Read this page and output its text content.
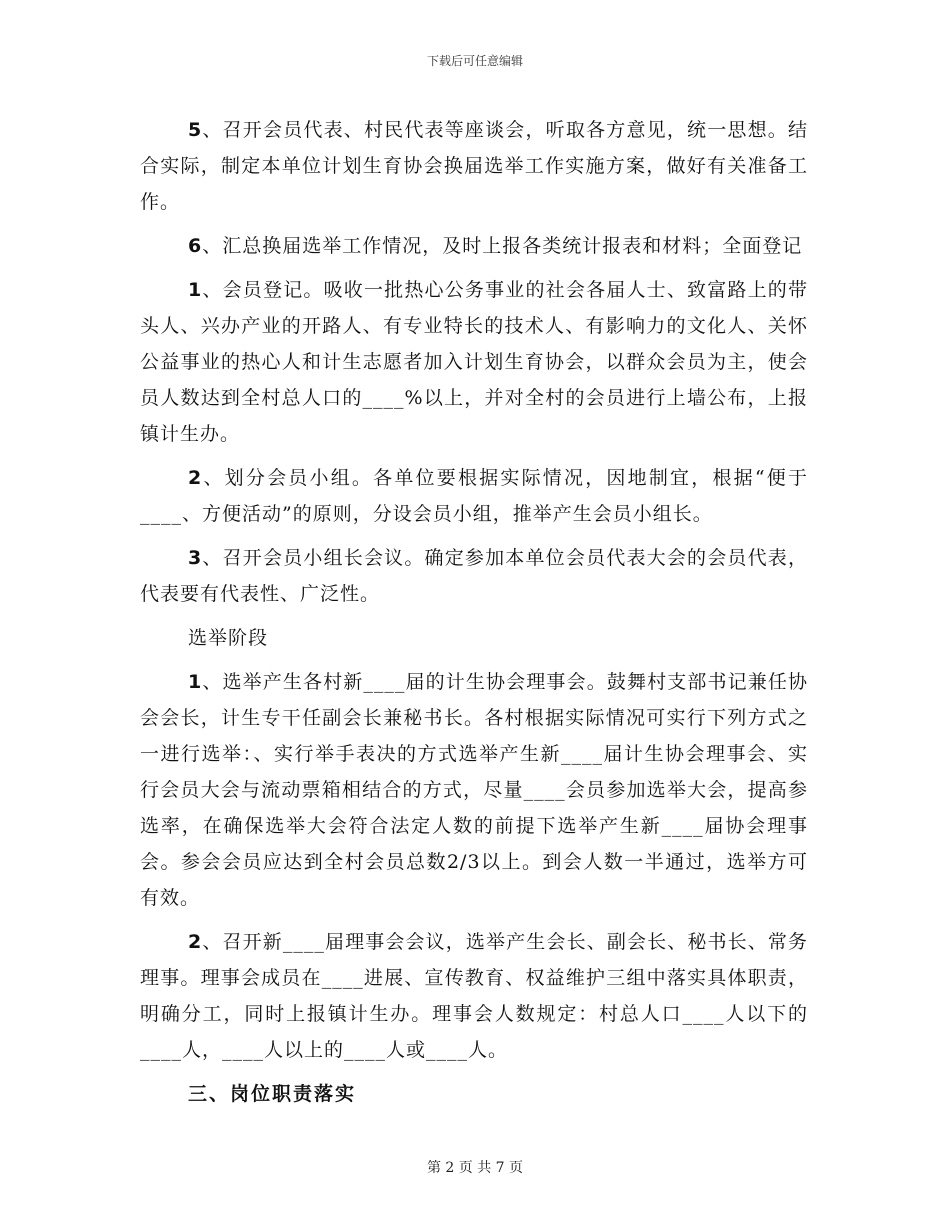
下载后可任意编辑

5、召开会员代表、村民代表等座谈会，听取各方意见，统一思想。结合实际，制定本单位计划生育协会换届选举工作实施方案，做好有关准备工作。

6、汇总换届选举工作情况，及时上报各类统计报表和材料；全面登记

1、会员登记。吸收一批热心公务事业的社会各届人士、致富路上的带头人、兴办产业的开路人、有专业特长的技术人、有影响力的文化人、关怀公益事业的热心人和计生志愿者加入计划生育协会，以群众会员为主，使会员人数达到全村总人口的____%以上，并对全村的会员进行上墙公布，上报镇计生办。

2、划分会员小组。各单位要根据实际情况，因地制宜，根据“便于____、方便活动”的原则，分设会员小组，推举产生会员小组长。

3、召开会员小组长会议。确定参加本单位会员代表大会的会员代表，代表要有代表性、广泛性。

选举阶段

1、选举产生各村新____届的计生协会理事会。鼓舞村支部书记兼任协会会长，计生专干任副会长兼秘书长。各村根据实际情况可实行下列方式之一进行选举：、实行举手表决的方式选举产生新____届计生协会理事会、实行会员大会与流动票箱相结合的方式，尽量____会员参加选举大会，提高参选率，在确保选举大会符合法定人数的前提下选举产生新____届协会理事会。参会会员应达到全村会员总数2/3以上。到会人数一半通过，选举方可有效。

2、召开新____届理事会会议，选举产生会长、副会长、秘书长、常务理事。理事会成员在____进展、宣传教育、权益维护三组中落实具体职责，明确分工，同时上报镇计生办。理事会人数规定：村总人口____人以下的____人，____人以上的____人或____人。

三、岗位职责落实

第 2 页 共 7 页
